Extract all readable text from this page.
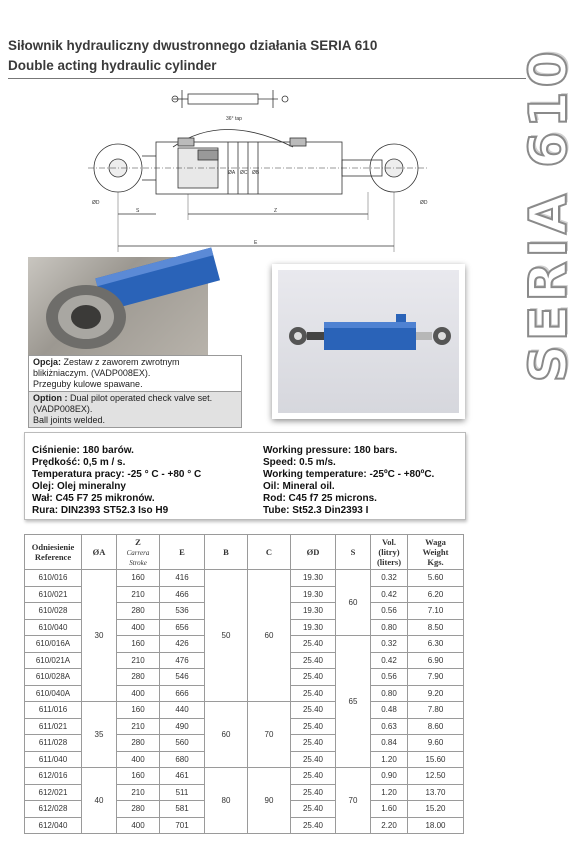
Siłownik hydrauliczny dwustronnego działania SERIA 610
Double acting hydraulic cylinder	SERIA 610
36° tap
ØD
S	Z
E
ØD
ØA ØC ØB
Opcja: Zestaw z zaworem zwrotnym blikiżniaczym. (VADP008EX).
Przeguby kulowe spawane.
Option : Dual pilot operated check valve set. (VADP008EX).
Ball joints welded.
Ciśnienie: 180 barów.
Prędkość: 0,5 m / s.
Temperatura pracy: -25 ° C - +80 ° C
Olej: Olej mineralny
Wał: C45 F7 25 mikronów.
Rura: DIN2393 ST52.3 Iso H9
Working pressure: 180 bars.
Speed: 0.5 m/s.
Working temperature: -25ºC - +80ºC.
Oil: Mineral oil.
Rod: C45 f7 25 microns.
Tube: St52.3 Din2393 I
Odniesienie
Reference	ØA	Z
Carrera
Stroke	E	B	C	ØD	S	Vol.
(litry)
(liters)	Waga
Weight
Kgs.
610/016	30	160	416	50	60	19.30	60	0.32	5.60
610/021		210	466			19.30		0.42	6.20
610/028		280	536			19.30		0.56	7.10
610/040		400	656			19.30		0.80	8.50
610/016A		160	426			25.40	65	0.32	6.30
610/021A		210	476			25.40		0.42	6.90
610/028A		280	546			25.40		0.56	7.90
610/040A		400	666			25.40		0.80	9.20
611/016	35	160	440	60	70	25.40		0.48	7.80
611/021		210	490			25.40		0.63	8.60
611/028		280	560			25.40		0.84	9.60
611/040		400	680			25.40		1.20	15.60
612/016	40	160	461	80	90	25.40	70	0.90	12.50
612/021		210	511			25.40		1.20	13.70
612/028		280	581			25.40		1.60	15.20
612/040		400	701			25.40		2.20	18.00
